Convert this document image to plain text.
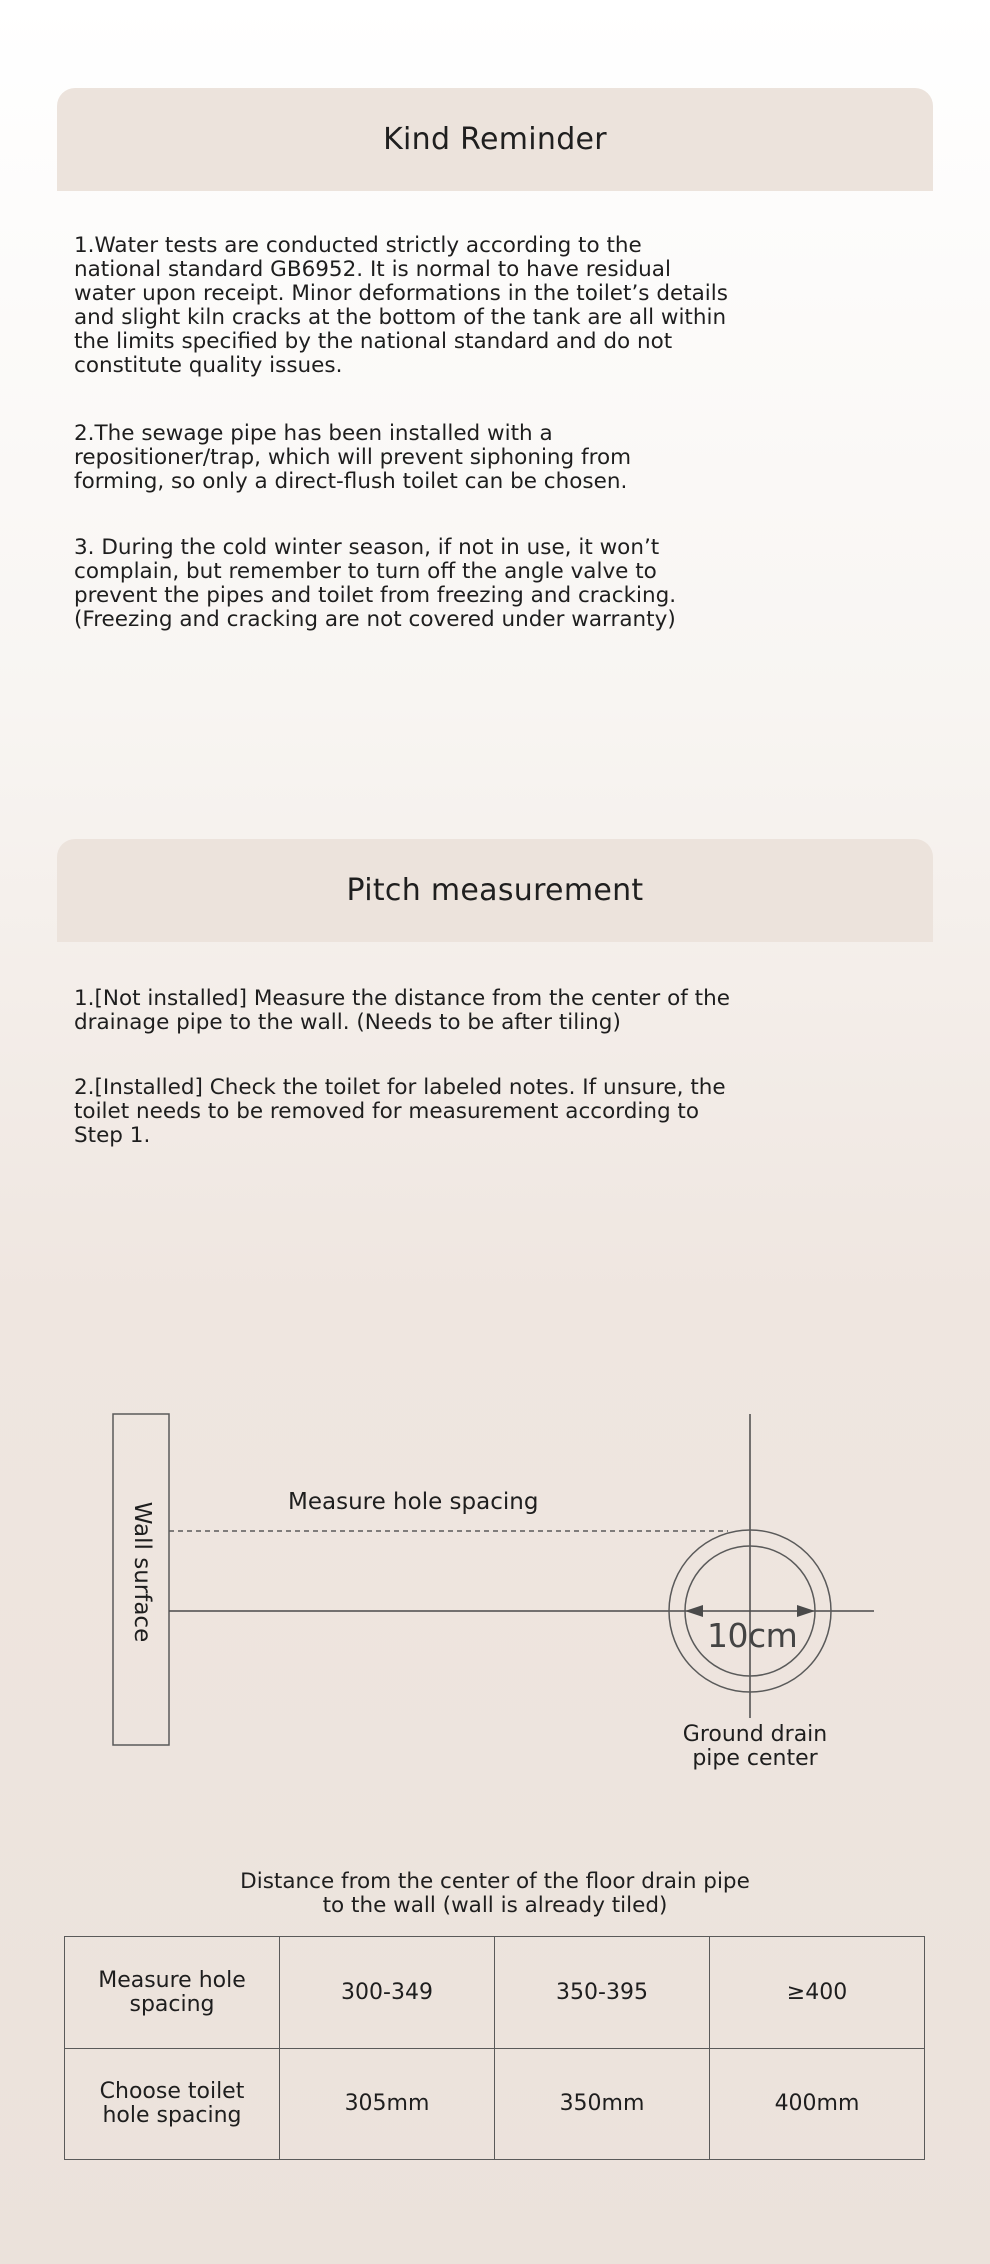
Kind Reminder

1.Water tests are conducted strictly according to the
national standard GB6952. It is normal to have residual
water upon receipt. Minor deformations in the toilet’s details
and slight kiln cracks at the bottom of the tank are all within
the limits specified by the national standard and do not
constitute quality issues.

2.The sewage pipe has been installed with a
repositioner/trap, which will prevent siphoning from
forming, so only a direct-flush toilet can be chosen.

3. During the cold winter season, if not in use, it won’t
complain, but remember to turn off the angle valve to
prevent the pipes and toilet from freezing and cracking.
(Freezing and cracking are not covered under warranty)

Pitch measurement

1.[Not installed] Measure the distance from the center of the
drainage pipe to the wall. (Needs to be after tiling)

2.[Installed] Check the toilet for labeled notes. If unsure, the
toilet needs to be removed for measurement according to
Step 1.

Wall surface	Measure hole spacing
10cm
Ground drain
pipe center
Distance from the center of the floor drain pipe
to the wall (wall is already tiled)
Measure hole
spacing	300-349	350-395	≥400
Choose toilet
hole spacing	305mm	350mm	400mm
